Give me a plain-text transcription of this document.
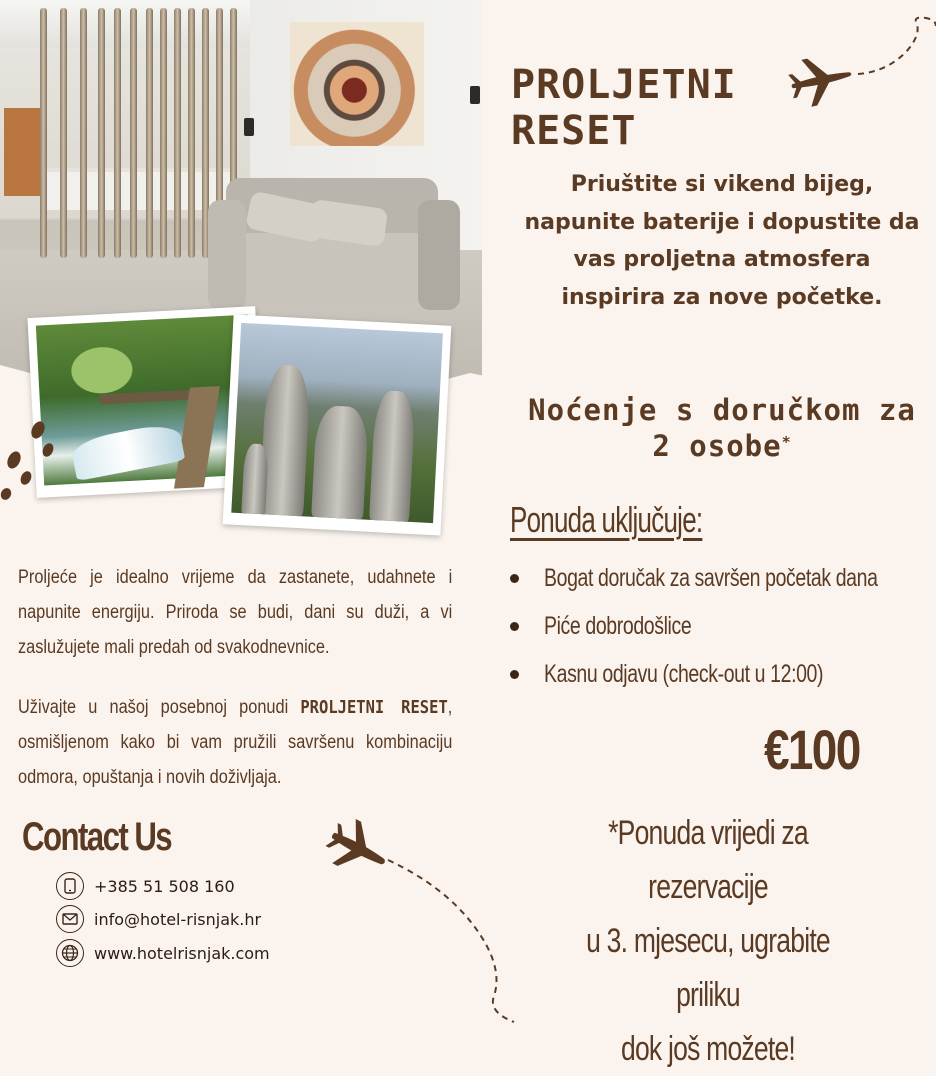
PROLJETNI
RESET
Priuštite si vikend bijeg,
napunite baterije i dopustite da
vas proljetna atmosfera
inspirira za nove početke.
Noćenje s doručkom za
2 osobe*
Ponuda uključuje:
Bogat doručak za savršen početak dana
Piće dobrodošlice
Kasnu odjavu (check-out u 12:00)
€100
*Ponuda vrijedi za rezervacije
u 3. mjesecu, ugrabite priliku
dok još možete!
Proljeće je idealno vrijeme da zastanete, udahnete i napunite energiju. Priroda se budi, dani su duži, a vi zaslužujete mali predah od svakodnevnice.
Uživajte u našoj posebnoj ponudi PROLJETNI RESET, osmišljenom kako bi vam pružili savršenu kombinaciju odmora, opuštanja i novih doživljaja.
Contact Us
+385 51 508 160
info@hotel-risnjak.hr
www.hotelrisnjak.com
